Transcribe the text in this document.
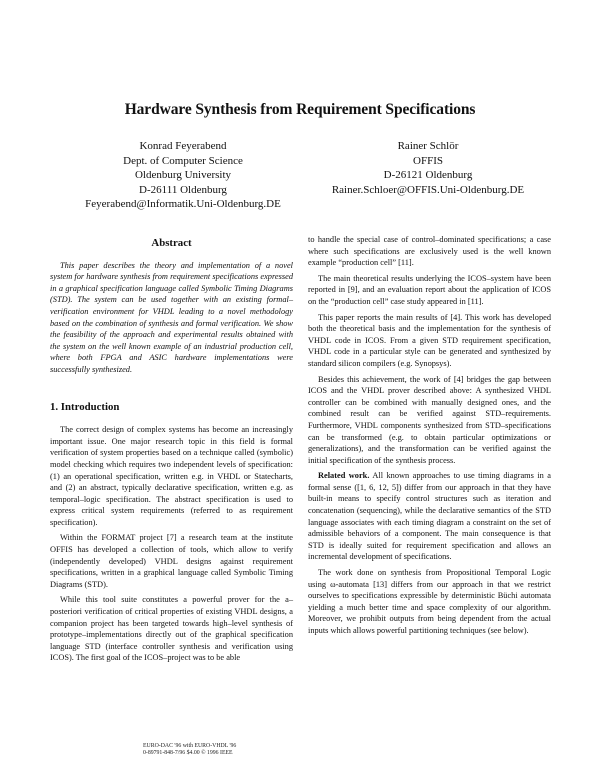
Hardware Synthesis from Requirement Specifications
Konrad Feyerabend
Dept. of Computer Science
Oldenburg University
D-26111 Oldenburg
Feyerabend@Informatik.Uni-Oldenburg.DE
Rainer Schlör
OFFIS
D-26121 Oldenburg
Rainer.Schloer@OFFIS.Uni-Oldenburg.DE
Abstract

This paper describes the theory and implementation of a novel system for hardware synthesis from requirement specifications expressed in a graphical specification language called Symbolic Timing Diagrams (STD). The system can be used together with an existing formal–verification environment for VHDL leading to a novel methodology based on the combination of synthesis and formal verification. We show the feasibility of the approach and experimental results obtained with the system on the well known example of an industrial production cell, where both FPGA and ASIC hardware implementations were successfully synthesized.

1. Introduction

The correct design of complex systems has become an increasingly important issue. One major research topic in this field is formal verification of system properties based on a technique called (symbolic) model checking which requires two independent levels of specification: (1) an operational specification, written e.g. in VHDL or Statecharts, and (2) an abstract, typically declarative specification, written e.g. as temporal–logic specification. The abstract specification is used to express critical system requirements (referred to as requirement specification).

Within the FORMAT project [7] a research team at the institute OFFIS has developed a collection of tools, which allow to verify (independently developed) VHDL designs against requirement specifications, written in a graphical language called Symbolic Timing Diagrams (STD).

While this tool suite constitutes a powerful prover for the a–posteriori verification of critical properties of existing VHDL designs, a companion project has been targeted towards high–level synthesis of prototype–implementations directly out of the graphical specification language STD (interface controller synthesis and verification using ICOS). The first goal of the ICOS–project was to be able

to handle the special case of control–dominated specifications; a case where such specifications are exclusively used is the well known example “production cell” [11].

The main theoretical results underlying the ICOS–system have been reported in [9], and an evaluation report about the application of ICOS on the “production cell” case study appeared in [11].

This paper reports the main results of [4]. This work has developed both the theoretical basis and the implementation for the synthesis of VHDL code in ICOS. From a given STD requirement specification, VHDL code in a particular style can be generated and synthesized by standard silicon compilers (e.g. Synopsys).

Besides this achievement, the work of [4] bridges the gap between ICOS and the VHDL prover described above: A synthesized VHDL controller can be combined with manually designed ones, and the combined result can be verified against STD–requirements. Furthermore, VHDL components synthesized from STD–specifications can be transformed (e.g. to obtain particular optimizations or generalizations), and the transformation can be verified against the initial specification of the synthesis process.

Related work. All known approaches to use timing diagrams in a formal sense ([1, 6, 12, 5]) differ from our approach in that they have built-in means to specify control structures such as iteration and concatenation (sequencing), while the declarative semantics of the STD language associates with each timing diagram a constraint on the set of admissible behaviors of a component. The main consequence is that STD is ideally suited for requirement specification and allows an incremental development of specifications.

The work done on synthesis from Propositional Temporal Logic using ω-automata [13] differs from our approach in that we restrict ourselves to specifications expressible by deterministic Büchi automata yielding a much better time and space complexity of our algorithm. Moreover, we prohibit outputs from being dependent from the actual inputs which allows powerful partitioning techniques (see below).

EURO-DAC '96 with EURO-VHDL '96
0-89791-848-7/96 $4.00 © 1996 IEEE
